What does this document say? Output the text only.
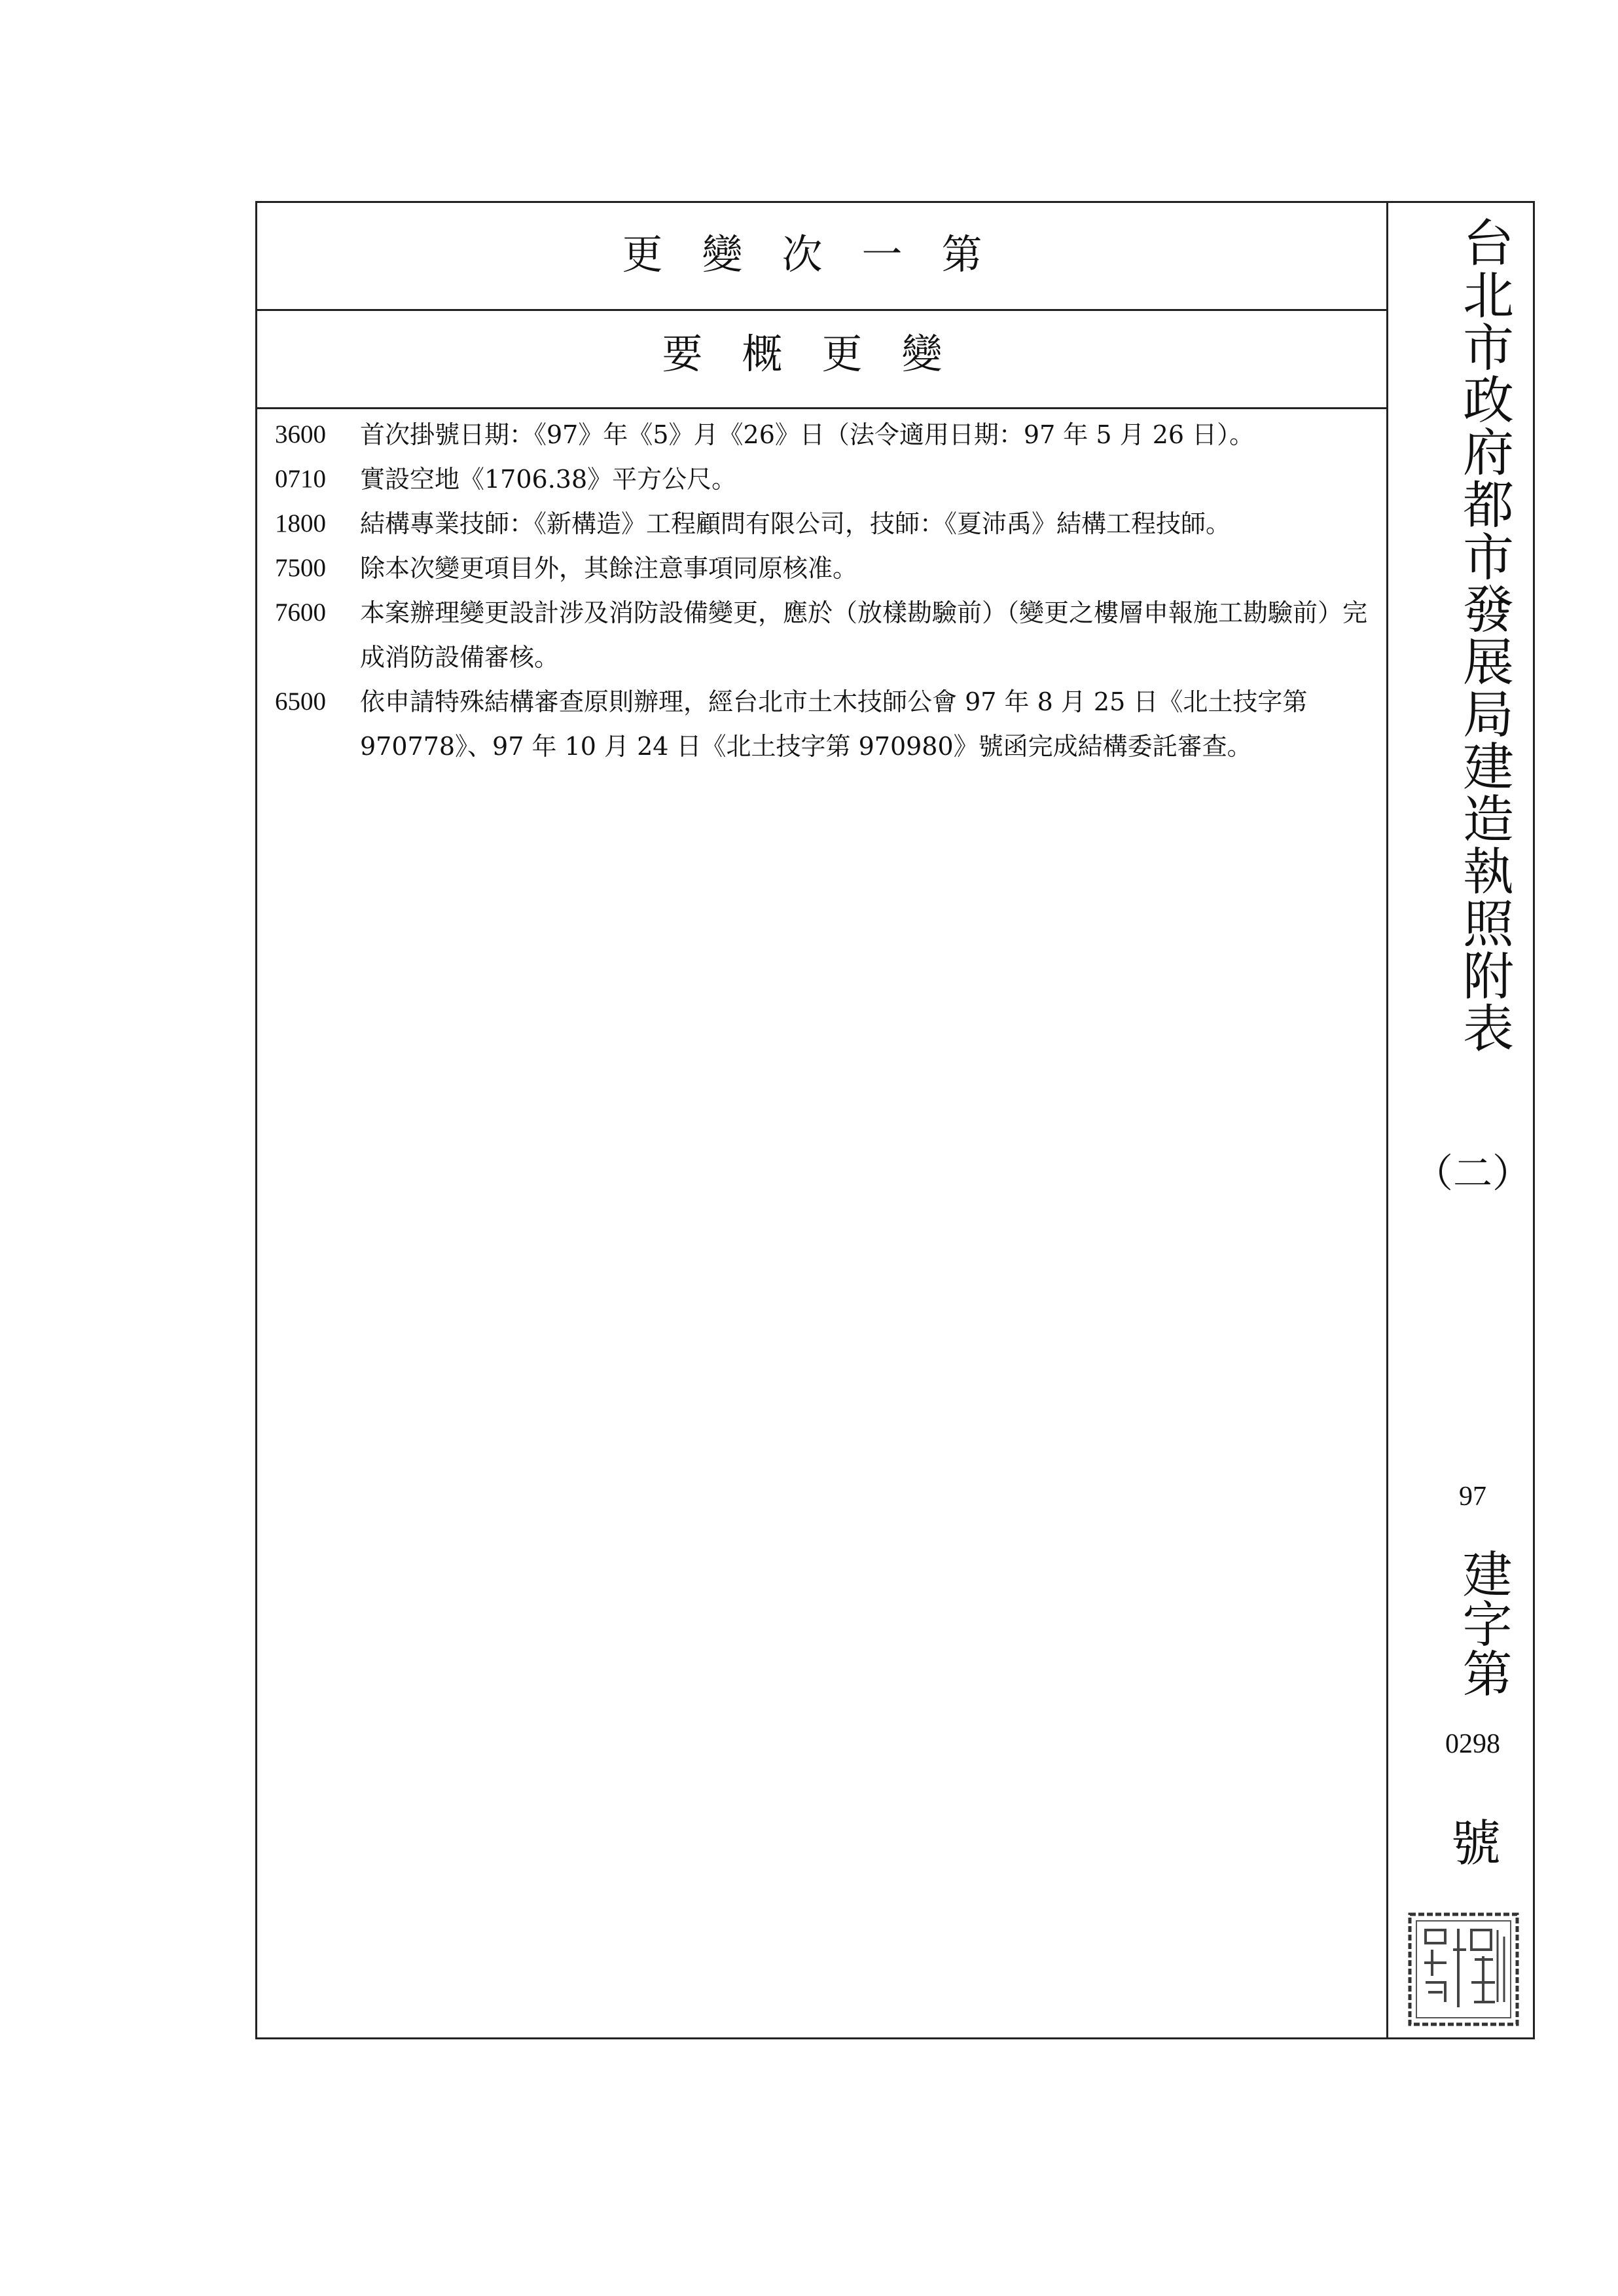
更變次一第
要概更變
3600	首次掛號日期：《97》年《5》月《26》日（法令適用日期：97 年 5 月 26 日）。
0710	實設空地《1706.38》平方公尺。
1800	結構專業技師：《新構造》工程顧問有限公司，技師：《夏沛禹》結構工程技師。
7500	除本次變更項目外，其餘注意事項同原核准。
7600	本案辦理變更設計涉及消防設備變更，應於（放樣勘驗前）（變更之樓層申報施工勘驗前）完成消防設備審核。
6500	依申請特殊結構審查原則辦理，經台北市土木技師公會 97 年 8 月 25 日《北土技字第 970778》、97 年 10 月 24 日《北土技字第 970980》號函完成結構委託審查。	台北市政府都市發展局建造執照附表
（二）
97
建字第
0298
號
